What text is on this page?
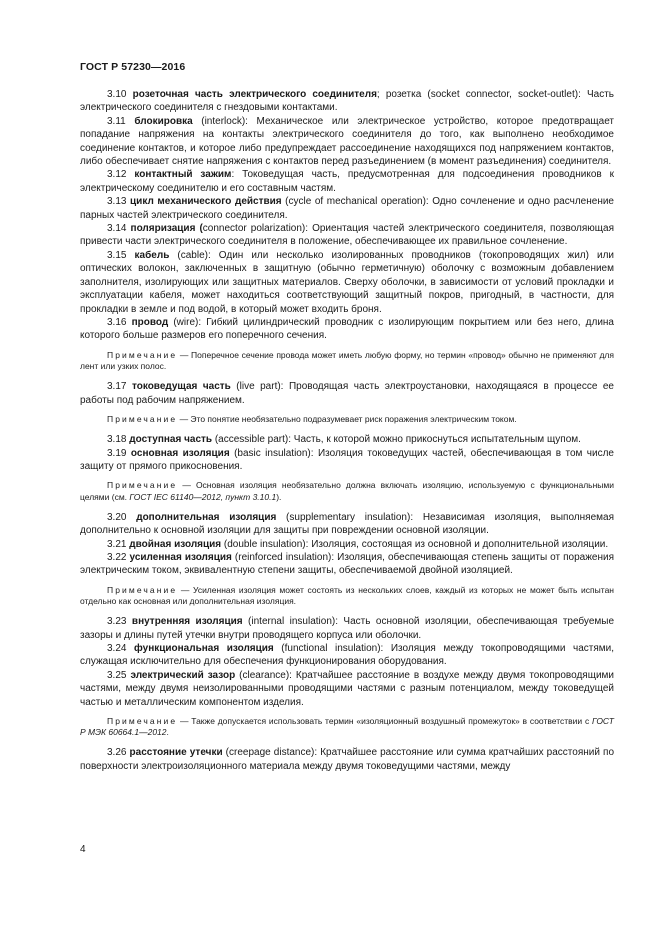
ГОСТ Р 57230—2016

3.10 розеточная часть электрического соединителя; розетка (socket connector, socket-outlet): Часть электрического соединителя с гнездовыми контактами.

3.11 блокировка (interlock): Механическое или электрическое устройство, которое предотвращает попадание напряжения на контакты электрического соединителя до того, как выполнено необходимое соединение контактов, и которое либо предупреждает рассоединение находящихся под напряжением контактов, либо обеспечивает снятие напряжения с контактов перед разъединением (в момент разъединения) соединителя.

3.12 контактный зажим: Токоведущая часть, предусмотренная для подсоединения проводников к электрическому соединителю и его составным частям.

3.13 цикл механического действия (cycle of mechanical operation): Одно сочленение и одно расчленение парных частей электрического соединителя.

3.14 поляризация (connector polarization): Ориентация частей электрического соединителя, позволяющая привести части электрического соединителя в положение, обеспечивающее их правильное сочленение.

3.15 кабель (cable): Один или несколько изолированных проводников (токопроводящих жил) или оптических волокон, заключенных в защитную (обычно герметичную) оболочку с возможным добавлением заполнителя, изолирующих или защитных материалов. Сверху оболочки, в зависимости от условий прокладки и эксплуатации кабеля, может находиться соответствующий защитный покров, пригодный, в частности, для прокладки в земле и под водой, в который может входить броня.

3.16 провод (wire): Гибкий цилиндрический проводник с изолирующим покрытием или без него, длина которого больше размеров его поперечного сечения.

Примечание — Поперечное сечение провода может иметь любую форму, но термин «провод» обычно не применяют для лент или узких полос.

3.17 токоведущая часть (live part): Проводящая часть электроустановки, находящаяся в процессе ее работы под рабочим напряжением.

Примечание — Это понятие необязательно подразумевает риск поражения электрическим током.

3.18 доступная часть (accessible part): Часть, к которой можно прикоснуться испытательным щупом.

3.19 основная изоляция (basic insulation): Изоляция токоведущих частей, обеспечивающая в том числе защиту от прямого прикосновения.

Примечание — Основная изоляция необязательно должна включать изоляцию, используемую с функциональными целями (см. ГОСТ IEC 61140—2012, пункт 3.10.1).

3.20 дополнительная изоляция (supplementary insulation): Независимая изоляция, выполняемая дополнительно к основной изоляции для защиты при повреждении основной изоляции.

3.21 двойная изоляция (double insulation): Изоляция, состоящая из основной и дополнительной изоляции.

3.22 усиленная изоляция (reinforced insulation): Изоляция, обеспечивающая степень защиты от поражения электрическим током, эквивалентную степени защиты, обеспечиваемой двойной изоляцией.

Примечание — Усиленная изоляция может состоять из нескольких слоев, каждый из которых не может быть испытан отдельно как основная или дополнительная изоляция.

3.23 внутренняя изоляция (internal insulation): Часть основной изоляции, обеспечивающая требуемые зазоры и длины путей утечки внутри проводящего корпуса или оболочки.

3.24 функциональная изоляция (functional insulation): Изоляция между токопроводящими частями, служащая исключительно для обеспечения функционирования оборудования.

3.25 электрический зазор (clearance): Кратчайшее расстояние в воздухе между двумя токопроводящими частями, между двумя неизолированными проводящими частями с разным потенциалом, между токоведущей частью и металлическим компонентом изделия.

Примечание — Также допускается использовать термин «изоляционный воздушный промежуток» в соответствии с ГОСТ Р МЭК 60664.1—2012.

3.26 расстояние утечки (creepage distance): Кратчайшее расстояние или сумма кратчайших расстояний по поверхности электроизоляционного материала между двумя токоведущими частями, между

4
